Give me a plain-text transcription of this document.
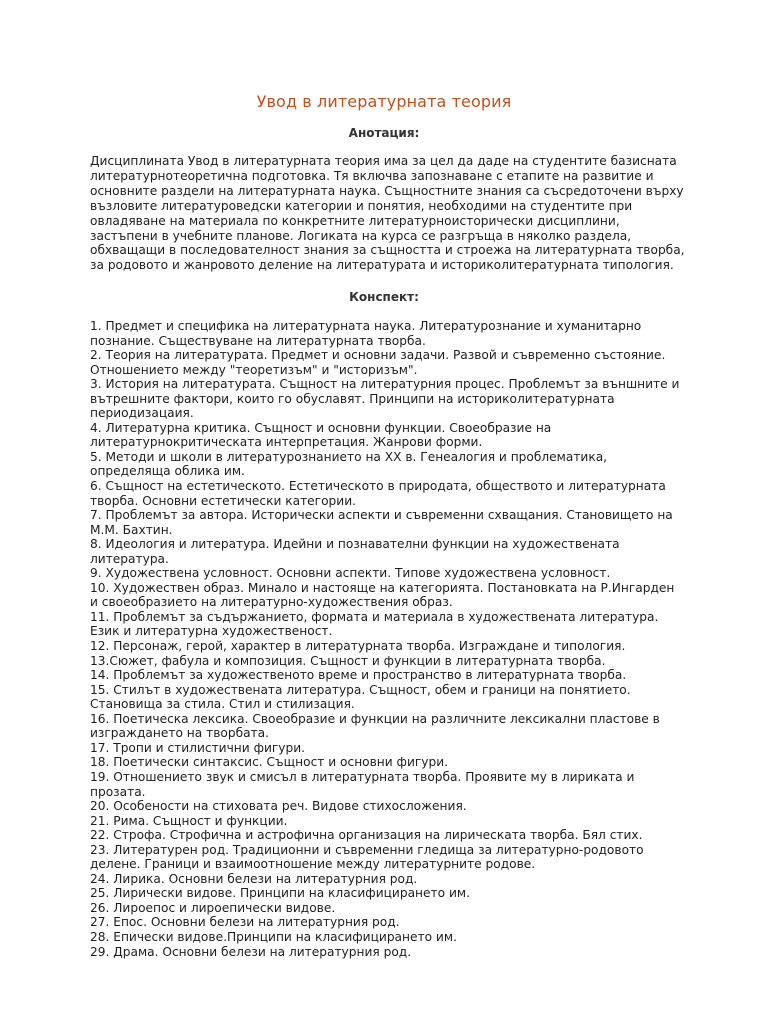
Увод в литературната теория
Анотация:
Дисциплината Увод в литературната теория има за цел да даде на студентите базисната
литературнотеоретична подготовка. Тя включва запознаване с етапите на развитие и
основните раздели на литературната наука. Същностните знания са съсредоточени върху
възловите литературоведски категории и понятия, необходими на студентите при
овладяване на материала по конкретните литературноисторически дисциплини,
застъпени в учебните планове. Логиката на курса се разгръща в няколко раздела,
обхващащи в последователност знания за същността и строежа на литературната творба,
за родовото и жанровото деление на литературата и историколитературната типология.
Конспект:
1. Предмет и специфика на литературната наука. Литературознание и хуманитарно
познание. Съществуване на литературната творба.
2. Теория на литературата. Предмет и основни задачи. Развой и съвременно състояние.
Отношението между "теоретизъм" и "историзъм".
3. История на литературата. Същност на литературния процес. Проблемът за външните и
вътрешните фактори, които го обуславят. Принципи на историколитературната
периодизацаия.
4. Литературна критика. Същност и основни функции. Своеобразие на
литературнокритическата интерпретация. Жанрови форми.
5. Методи и школи в литературознанието на ХХ в. Генеалогия и проблематика,
определяща облика им.
6. Същност на естетическото. Естетическото в природата, обществото и литературната
творба. Основни естетически категории.
7. Проблемът за автора. Исторически аспекти и съвременни схващания. Становището на
М.М. Бахтин.
8. Идеология и литература. Идейни и познавателни функции на художествената
литература.
9. Художествена условност. Основни аспекти. Типове художествена условност.
10. Художествен образ. Минало и настояще на категорията. Постановката на Р.Ингарден
и своеобразието на литературно-художествения образ.
11. Проблемът за съдържанието, формата и материала в художествената литература.
Език и литературна художественост.
12. Персонаж, герой, характер в литературната творба. Изграждане и типология.
13.Сюжет, фабула и композиция. Същност и функции в литературната творба.
14. Проблемът за художественото време и пространство в литературната творба.
15. Стилът в художествената литература. Същност, обем и граници на понятието.
Становища за стила. Стил и стилизация.
16. Поетическа лексика. Своеобразие и функции на различните лексикални пластове в
изграждането на творбата.
17. Тропи и стилистични фигури.
18. Поетически синтаксис. Същност и основни фигури.
19. Отношението звук и смисъл в литературната творба. Проявите му в лириката и
прозата.
20. Особености на стиховата реч. Видове стихосложения.
21. Рима. Същност и функции.
22. Строфа. Строфична и астрофична организация на лирическата творба. Бял стих.
23. Литературен род. Традиционни и съвременни гледища за литературно-родовото
делене. Граници и взаимоотношение между литературните родове.
24. Лирика. Основни белези на литературния род.
25. Лирически видове. Принципи на класифицирането им.
26. Лироепос и лироепически видове.
27. Епос. Основни белези на литературния род.
28. Епически видове.Принципи на класифицирането им.
29. Драма. Основни белези на литературния род.
